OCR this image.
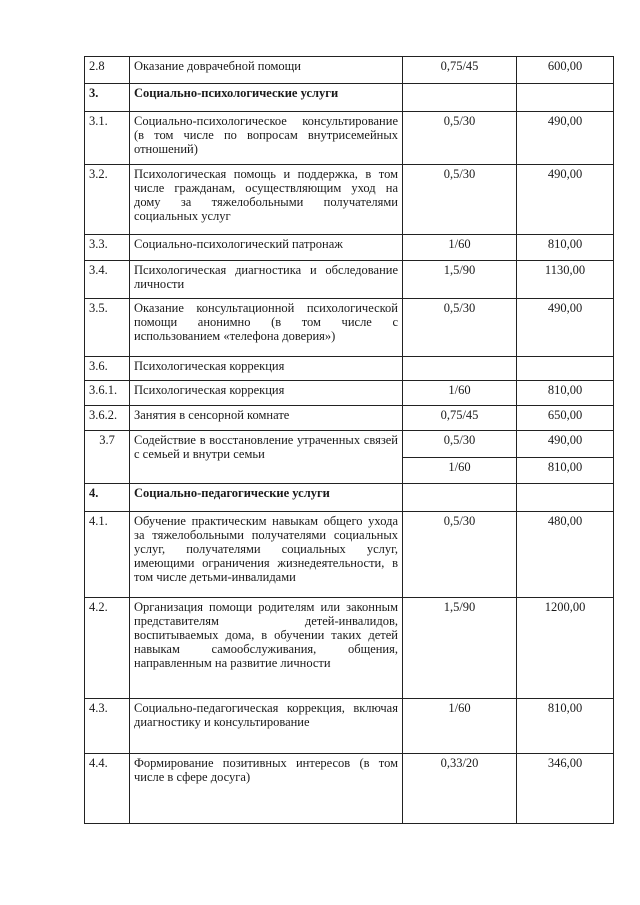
2.8	Оказание доврачебной помощи	0,75/45	600,00
3.	Социально-психологические услуги		
3.1.	Социально-психологическое консультирование (в том числе по вопросам внутрисемейных отношений)	0,5/30	490,00
3.2.	Психологическая помощь и поддержка, в том числе гражданам, осуществляющим уход на дому за тяжелобольными получателями социальных услуг	0,5/30	490,00
3.3.	Социально-психологический патронаж	1/60	810,00
3.4.	Психологическая диагностика и обследование личности	1,5/90	1130,00
3.5.	Оказание консультационной психологической помощи анонимно (в том числе с использованием «телефона доверия»)	0,5/30	490,00
3.6.	Психологическая коррекция		
3.6.1.	Психологическая коррекция	1/60	810,00
3.6.2.	Занятия в сенсорной комнате	0,75/45	650,00
3.7	Содействие в восстановление утраченных связей с семьей и внутри семьи	0,5/30	490,00
		1/60	810,00
4.	Социально-педагогические услуги		
4.1.	Обучение практическим навыкам общего ухода за тяжелобольными получателями социальных услуг, получателями социальных услуг, имеющими ограничения жизнедеятельности, в том числе детьми-инвалидами	0,5/30	480,00
4.2.	Организация помощи родителям или законным представителям детей-инвалидов, воспитываемых дома, в обучении таких детей навыкам самообслуживания, общения, направленным на развитие личности	1,5/90	1200,00
4.3.	Социально-педагогическая коррекция, включая диагностику и консультирование	1/60	810,00
4.4.	Формирование позитивных интересов (в том числе в сфере досуга)	0,33/20	346,00
